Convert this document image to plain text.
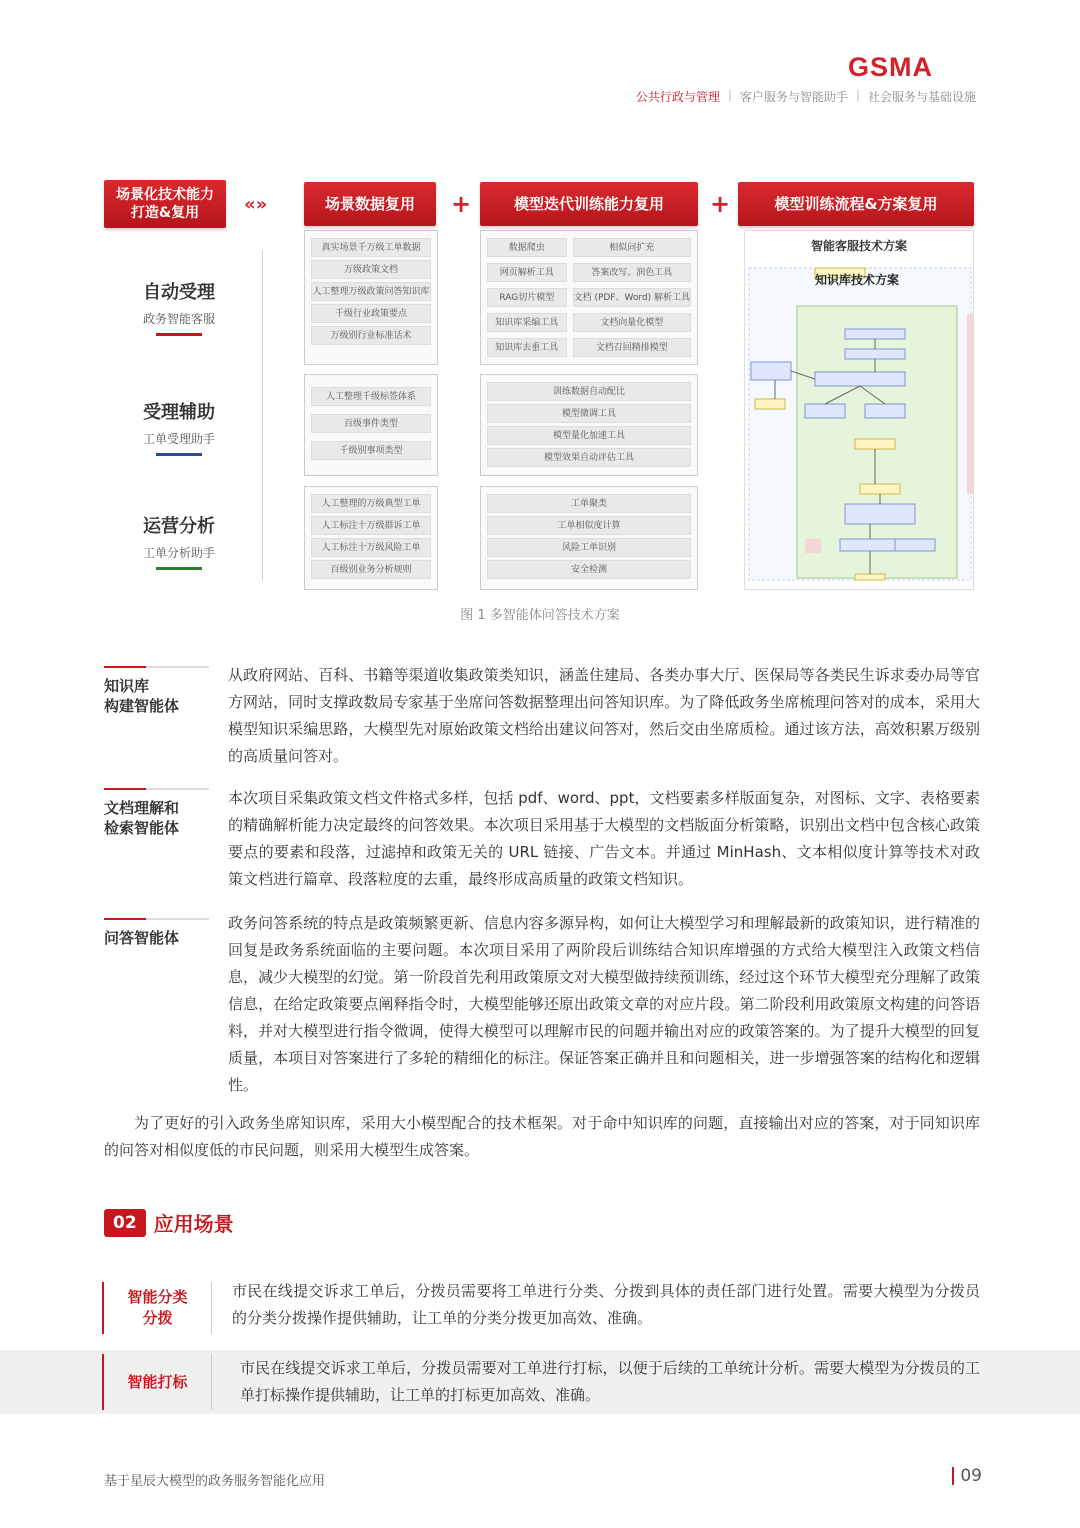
GSMA
公共行政与管理 | 客户服务与智能助手 | 社会服务与基础设施
场景化技术能力
打造&复用	«»	场景数据复用	+	模型迭代训练能力复用	+	模型训练流程&方案复用
自动受理
政务智能客服
受理辅助
工单受理助手
运营分析
工单分析助手
真实场景千万级工单数据
万级政策文档
人工整理万级政策问答知识库
千级行业政策要点
万级别行业标准话术
人工整理千级标签体系
百级事件类型
千级别事项类型
人工整理的万级典型工单
人工标注十万级群诉工单
人工标注十万级风险工单
百级别业务分析规则
数据爬虫	相似问扩充
网页解析工具	答案改写、润色工具
RAG切片模型	文档 (PDF、Word) 解析工具
知识库采编工具	文档向量化模型
知识库去重工具	文档召回精排模型
训练数据自动配比
模型微调工具
模型量化加速工具
模型效果自动评估工具
工单聚类
工单相似度计算
风险工单识别
安全检测
智能客服技术方案
知识库技术方案
图 1 多智能体问答技术方案
知识库
构建智能体
从政府网站、百科、书籍等渠道收集政策类知识，涵盖住建局、各类办事大厅、医保局等各类民生诉求委办局等官方网站，同时支撑政数局专家基于坐席问答数据整理出问答知识库。为了降低政务坐席梳理问答对的成本，采用大模型知识采编思路，大模型先对原始政策文档给出建议问答对，然后交由坐席质检。通过该方法，高效积累万级别的高质量问答对。
文档理解和
检索智能体
本次项目采集政策文档文件格式多样，包括 pdf、word、ppt，文档要素多样版面复杂，对图标、文字、表格要素的精确解析能力决定最终的问答效果。本次项目采用基于大模型的文档版面分析策略，识别出文档中包含核心政策要点的要素和段落，过滤掉和政策无关的 URL 链接、广告文本。并通过 MinHash、文本相似度计算等技术对政策文档进行篇章、段落粒度的去重，最终形成高质量的政策文档知识。
问答智能体
政务问答系统的特点是政策频繁更新、信息内容多源异构，如何让大模型学习和理解最新的政策知识，进行精准的回复是政务系统面临的主要问题。本次项目采用了两阶段后训练结合知识库增强的方式给大模型注入政策文档信息，减少大模型的幻觉。第一阶段首先利用政策原文对大模型做持续预训练，经过这个环节大模型充分理解了政策信息，在给定政策要点阐释指令时，大模型能够还原出政策文章的对应片段。第二阶段利用政策原文构建的问答语料，并对大模型进行指令微调，使得大模型可以理解市民的问题并输出对应的政策答案的。为了提升大模型的回复质量，本项目对答案进行了多轮的精细化的标注。保证答案正确并且和问题相关，进一步增强答案的结构化和逻辑性。
为了更好的引入政务坐席知识库，采用大小模型配合的技术框架。对于命中知识库的问题，直接输出对应的答案，对于同知识库的问答对相似度低的市民问题，则采用大模型生成答案。
02 应用场景
智能分类
分拨
市民在线提交诉求工单后，分拨员需要将工单进行分类、分拨到具体的责任部门进行处置。需要大模型为分拨员的分类分拨操作提供辅助，让工单的分类分拨更加高效、准确。
智能打标
市民在线提交诉求工单后，分拨员需要对工单进行打标，以便于后续的工单统计分析。需要大模型为分拨员的工单打标操作提供辅助，让工单的打标更加高效、准确。
基于星辰大模型的政务服务智能化应用	09
